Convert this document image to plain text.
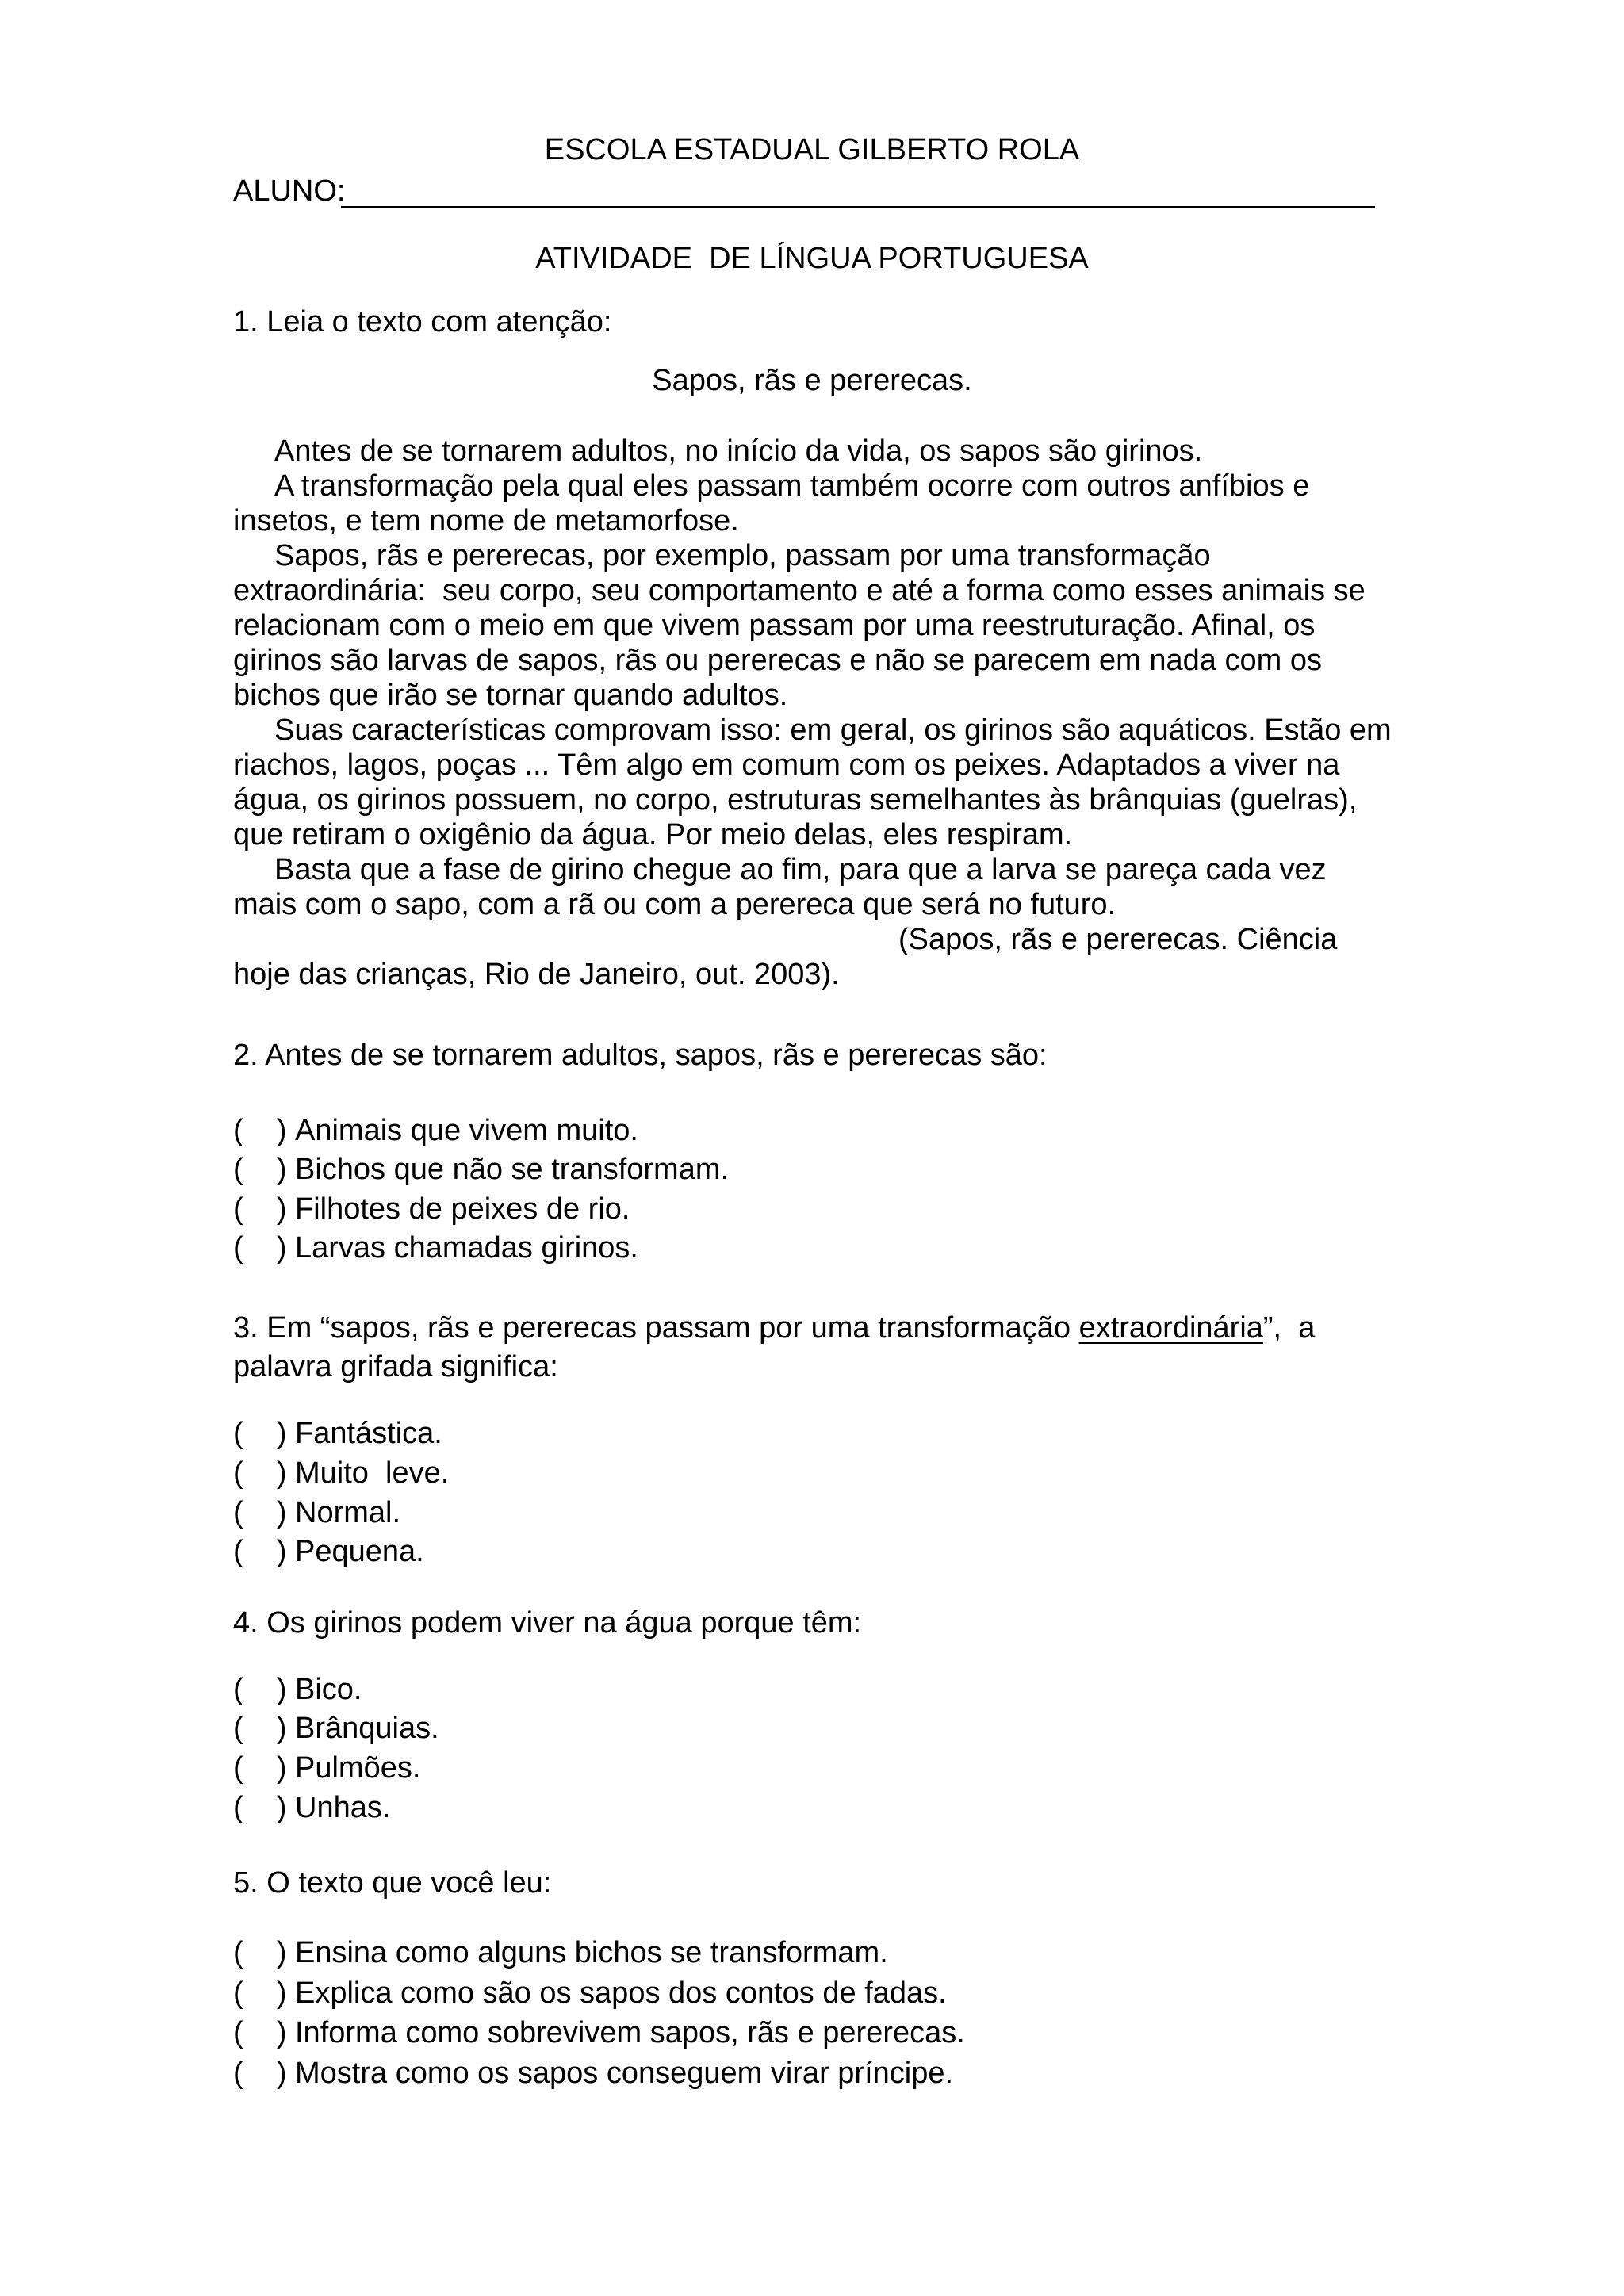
ESCOLA ESTADUAL GILBERTO ROLA
ALUNO:
ATIVIDADE  DE LÍNGUA PORTUGUESA
1. Leia o texto com atenção:
Sapos, rãs e pererecas.
Antes de se tornarem adultos, no início da vida, os sapos são girinos.
A transformação pela qual eles passam também ocorre com outros anfíbios e
insetos, e tem nome de metamorfose.
Sapos, rãs e pererecas, por exemplo, passam por uma transformação
extraordinária:  seu corpo, seu comportamento e até a forma como esses animais se
relacionam com o meio em que vivem passam por uma reestruturação. Afinal, os
girinos são larvas de sapos, rãs ou pererecas e não se parecem em nada com os
bichos que irão se tornar quando adultos.
Suas características comprovam isso: em geral, os girinos são aquáticos. Estão em
riachos, lagos, poças ... Têm algo em comum com os peixes. Adaptados a viver na
água, os girinos possuem, no corpo, estruturas semelhantes às brânquias (guelras),
que retiram o oxigênio da água. Por meio delas, eles respiram.
Basta que a fase de girino chegue ao fim, para que a larva se pareça cada vez
mais com o sapo, com a rã ou com a perereca que será no futuro.
(Sapos, rãs e pererecas. Ciência
hoje das crianças, Rio de Janeiro, out. 2003).
2. Antes de se tornarem adultos, sapos, rãs e pererecas são:
(    ) Animais que vivem muito.
(    ) Bichos que não se transformam.
(    ) Filhotes de peixes de rio.
(    ) Larvas chamadas girinos.
3. Em “sapos, rãs e pererecas passam por uma transformação extraordinária”,  a
palavra grifada significa:
(    ) Fantástica.
(    ) Muito  leve.
(    ) Normal.
(    ) Pequena.
4. Os girinos podem viver na água porque têm:
(    ) Bico.
(    ) Brânquias.
(    ) Pulmões.
(    ) Unhas.
5. O texto que você leu:
(    ) Ensina como alguns bichos se transformam.
(    ) Explica como são os sapos dos contos de fadas.
(    ) Informa como sobrevivem sapos, rãs e pererecas.
(    ) Mostra como os sapos conseguem virar príncipe.
